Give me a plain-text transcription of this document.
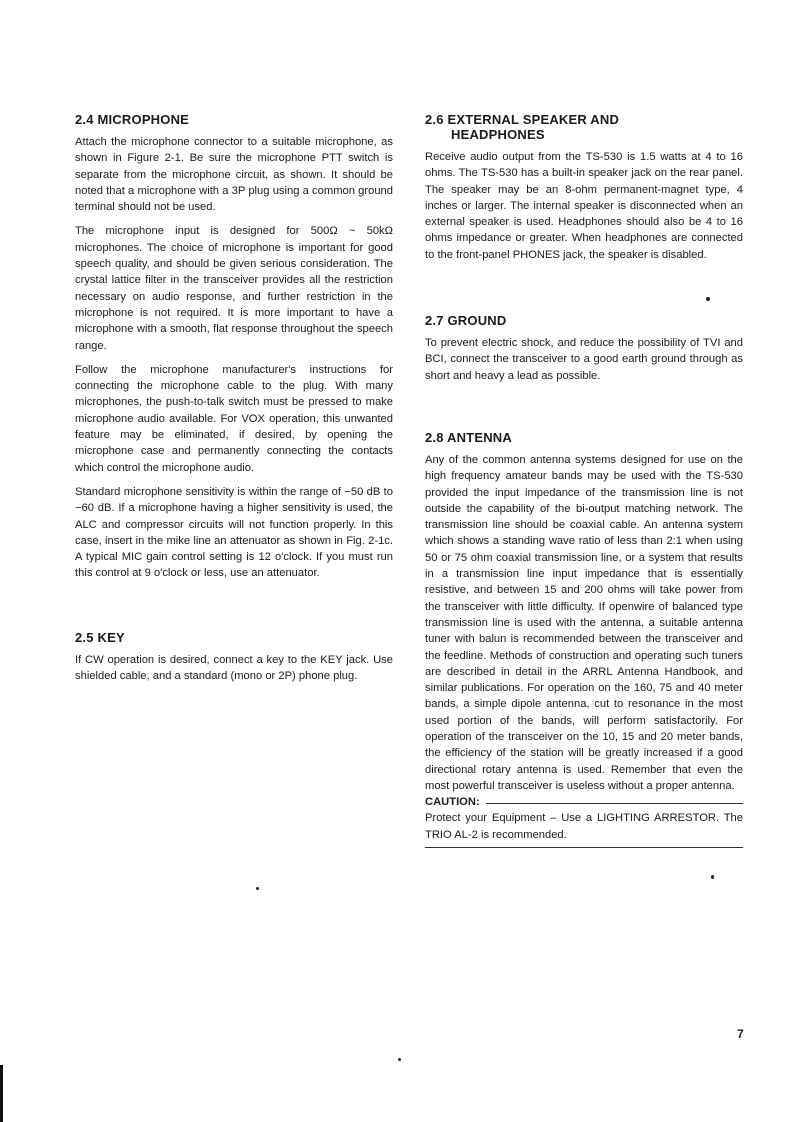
2.4 MICROPHONE

Attach the microphone connector to a suitable microphone, as shown in Figure 2-1. Be sure the microphone PTT switch is separate from the microphone circuit, as shown. It should be noted that a microphone with a 3P plug using a common ground terminal should not be used.

The microphone input is designed for 500Ω ~ 50kΩ microphones. The choice of microphone is important for good speech quality, and should be given serious consideration. The crystal lattice filter in the transceiver provides all the restriction necessary on audio response, and further restriction in the microphone is not required. It is more important to have a microphone with a smooth, flat response throughout the speech range.

Follow the microphone manufacturer's instructions for connecting the microphone cable to the plug. With many microphones, the push-to-talk switch must be pressed to make microphone audio available. For VOX operation, this unwanted feature may be eliminated, if desired, by opening the microphone case and permanently connecting the contacts which control the microphone audio.

Standard microphone sensitivity is within the range of −50 dB to −60 dB. If a microphone having a higher sensitivity is used, the ALC and compressor circuits will not function properly. In this case, insert in the mike line an attenuator as shown in Fig. 2-1c. A typical MIC gain control setting is 12 o'clock. If you must run this control at 9 o'clock or less, use an attenuator.

2.5 KEY

If CW operation is desired, connect a key to the KEY jack. Use shielded cable, and a standard (mono or 2P) phone plug.

2.6 EXTERNAL SPEAKER AND
HEADPHONES

Receive audio output from the TS-530 is 1.5 watts at 4 to 16 ohms. The TS-530 has a built-in speaker jack on the rear panel. The speaker may be an 8-ohm permanent-magnet type, 4 inches or larger. The internal speaker is disconnected when an external speaker is used. Headphones should also be 4 to 16 ohms impedance or greater. When headphones are connected to the front-panel PHONES jack, the speaker is disabled.

2.7 GROUND

To prevent electric shock, and reduce the possibility of TVI and BCI, connect the transceiver to a good earth ground through as short and heavy a lead as possible.

2.8 ANTENNA

Any of the common antenna systems designed for use on the high frequency amateur bands may be used with the TS-530 provided the input impedance of the transmission line is not outside the capability of the bi-output matching network. The transmission line should be coaxial cable. An antenna system which shows a standing wave ratio of less than 2:1 when using 50 or 75 ohm coaxial transmission line, or a system that results in a transmission line input impedance that is essentially resistive, and between 15 and 200 ohms will take power from the transceiver with little difficulty. If openwire of balanced type transmission line is used with the antenna, a suitable antenna tuner with balun is recommended between the transceiver and the feedline. Methods of construction and operating such tuners are described in detail in the ARRL Antenna Handbook, and similar publications. For operation on the 160, 75 and 40 meter bands, a simple dipole antenna, cut to resonance in the most used portion of the bands, will perform satisfactorily. For operation of the transceiver on the 10, 15 and 20 meter bands, the efficiency of the station will be greatly increased if a good directional rotary antenna is used. Remember that even the most powerful transceiver is useless without a proper antenna.

CAUTION:

Protect your Equipment – Use a LIGHTING ARRESTOR. The TRIO AL-2 is recommended.

7
